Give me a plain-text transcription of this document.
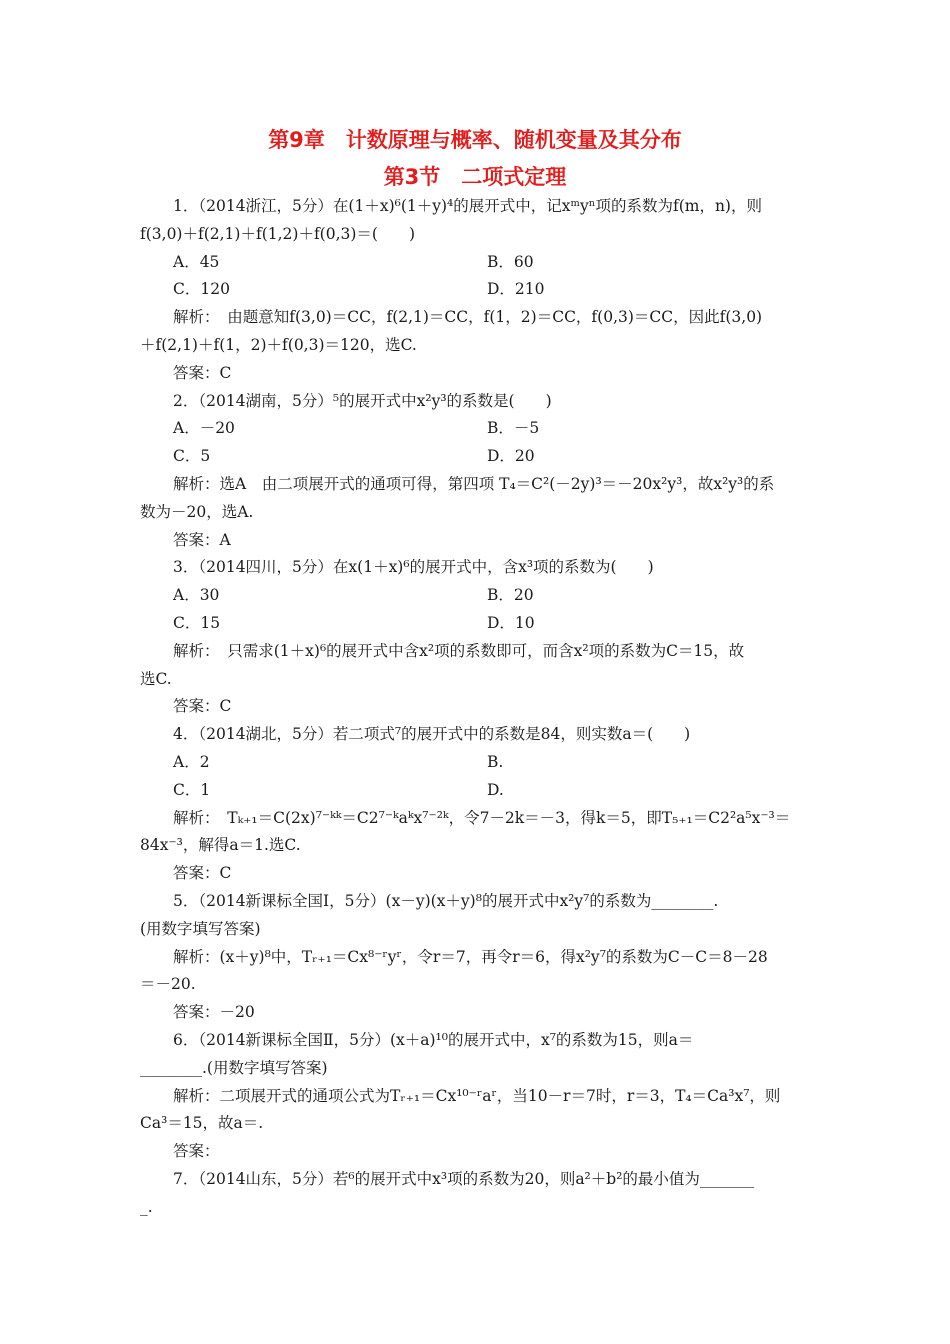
第9章　计数原理与概率、随机变量及其分布
第3节　二项式定理
1．（2014浙江，5分）在(1＋x)⁶(1＋y)⁴的展开式中，记xᵐyⁿ项的系数为f(m，n)，则
f(3,0)＋f(2,1)＋f(1,2)＋f(0,3)＝(　　)
A．45	B．60
C．120	D．210
解析：　由题意知f(3,0)＝CC，f(2,1)＝CC，f(1，2)＝CC，f(0,3)＝CC，因此f(3,0)
＋f(2,1)＋f(1，2)＋f(0,3)＝120，选C.
答案：C
2．（2014湖南，5分）⁵的展开式中x²y³的系数是(　　)
A．－20	B．－5
C．5	D．20
解析：选A　由二项展开式的通项可得，第四项 T₄＝C²(－2y)³＝－20x²y³，故x²y³的系
数为－20，选A.
答案：A
3．（2014四川，5分）在x(1＋x)⁶的展开式中，含x³项的系数为(　　)
A．30	B．20
C．15	D．10
解析：　只需求(1＋x)⁶的展开式中含x²项的系数即可，而含x²项的系数为C＝15，故
选C.
答案：C
4．（2014湖北，5分）若二项式⁷的展开式中的系数是84，则实数a＝(　　)
A．2	B.
C．1	D.
解析：　Tₖ₊₁＝C(2x)⁷⁻ᵏᵏ＝C2⁷⁻ᵏaᵏx⁷⁻²ᵏ，令7－2k＝－3，得k＝5，即T₅₊₁＝C2²a⁵x⁻³＝
84x⁻³，解得a＝1.选C.
答案：C
5．（2014新课标全国Ⅰ，5分）(x－y)(x＋y)⁸的展开式中x²y⁷的系数为________.
(用数字填写答案)
解析：(x＋y)⁸中，Tᵣ₊₁＝Cx⁸⁻ʳyʳ，令r＝7，再令r＝6，得x²y⁷的系数为C－C＝8－28
＝－20.
答案：－20
6．（2014新课标全国Ⅱ，5分）(x＋a)¹⁰的展开式中，x⁷的系数为15，则a＝
________.(用数字填写答案)
解析：二项展开式的通项公式为Tᵣ₊₁＝Cx¹⁰⁻ʳaʳ，当10－r＝7时，r＝3，T₄＝Ca³x⁷，则
Ca³＝15，故a＝.
答案：
7．（2014山东，5分）若⁶的展开式中x³项的系数为20，则a²＋b²的最小值为_______
_.
